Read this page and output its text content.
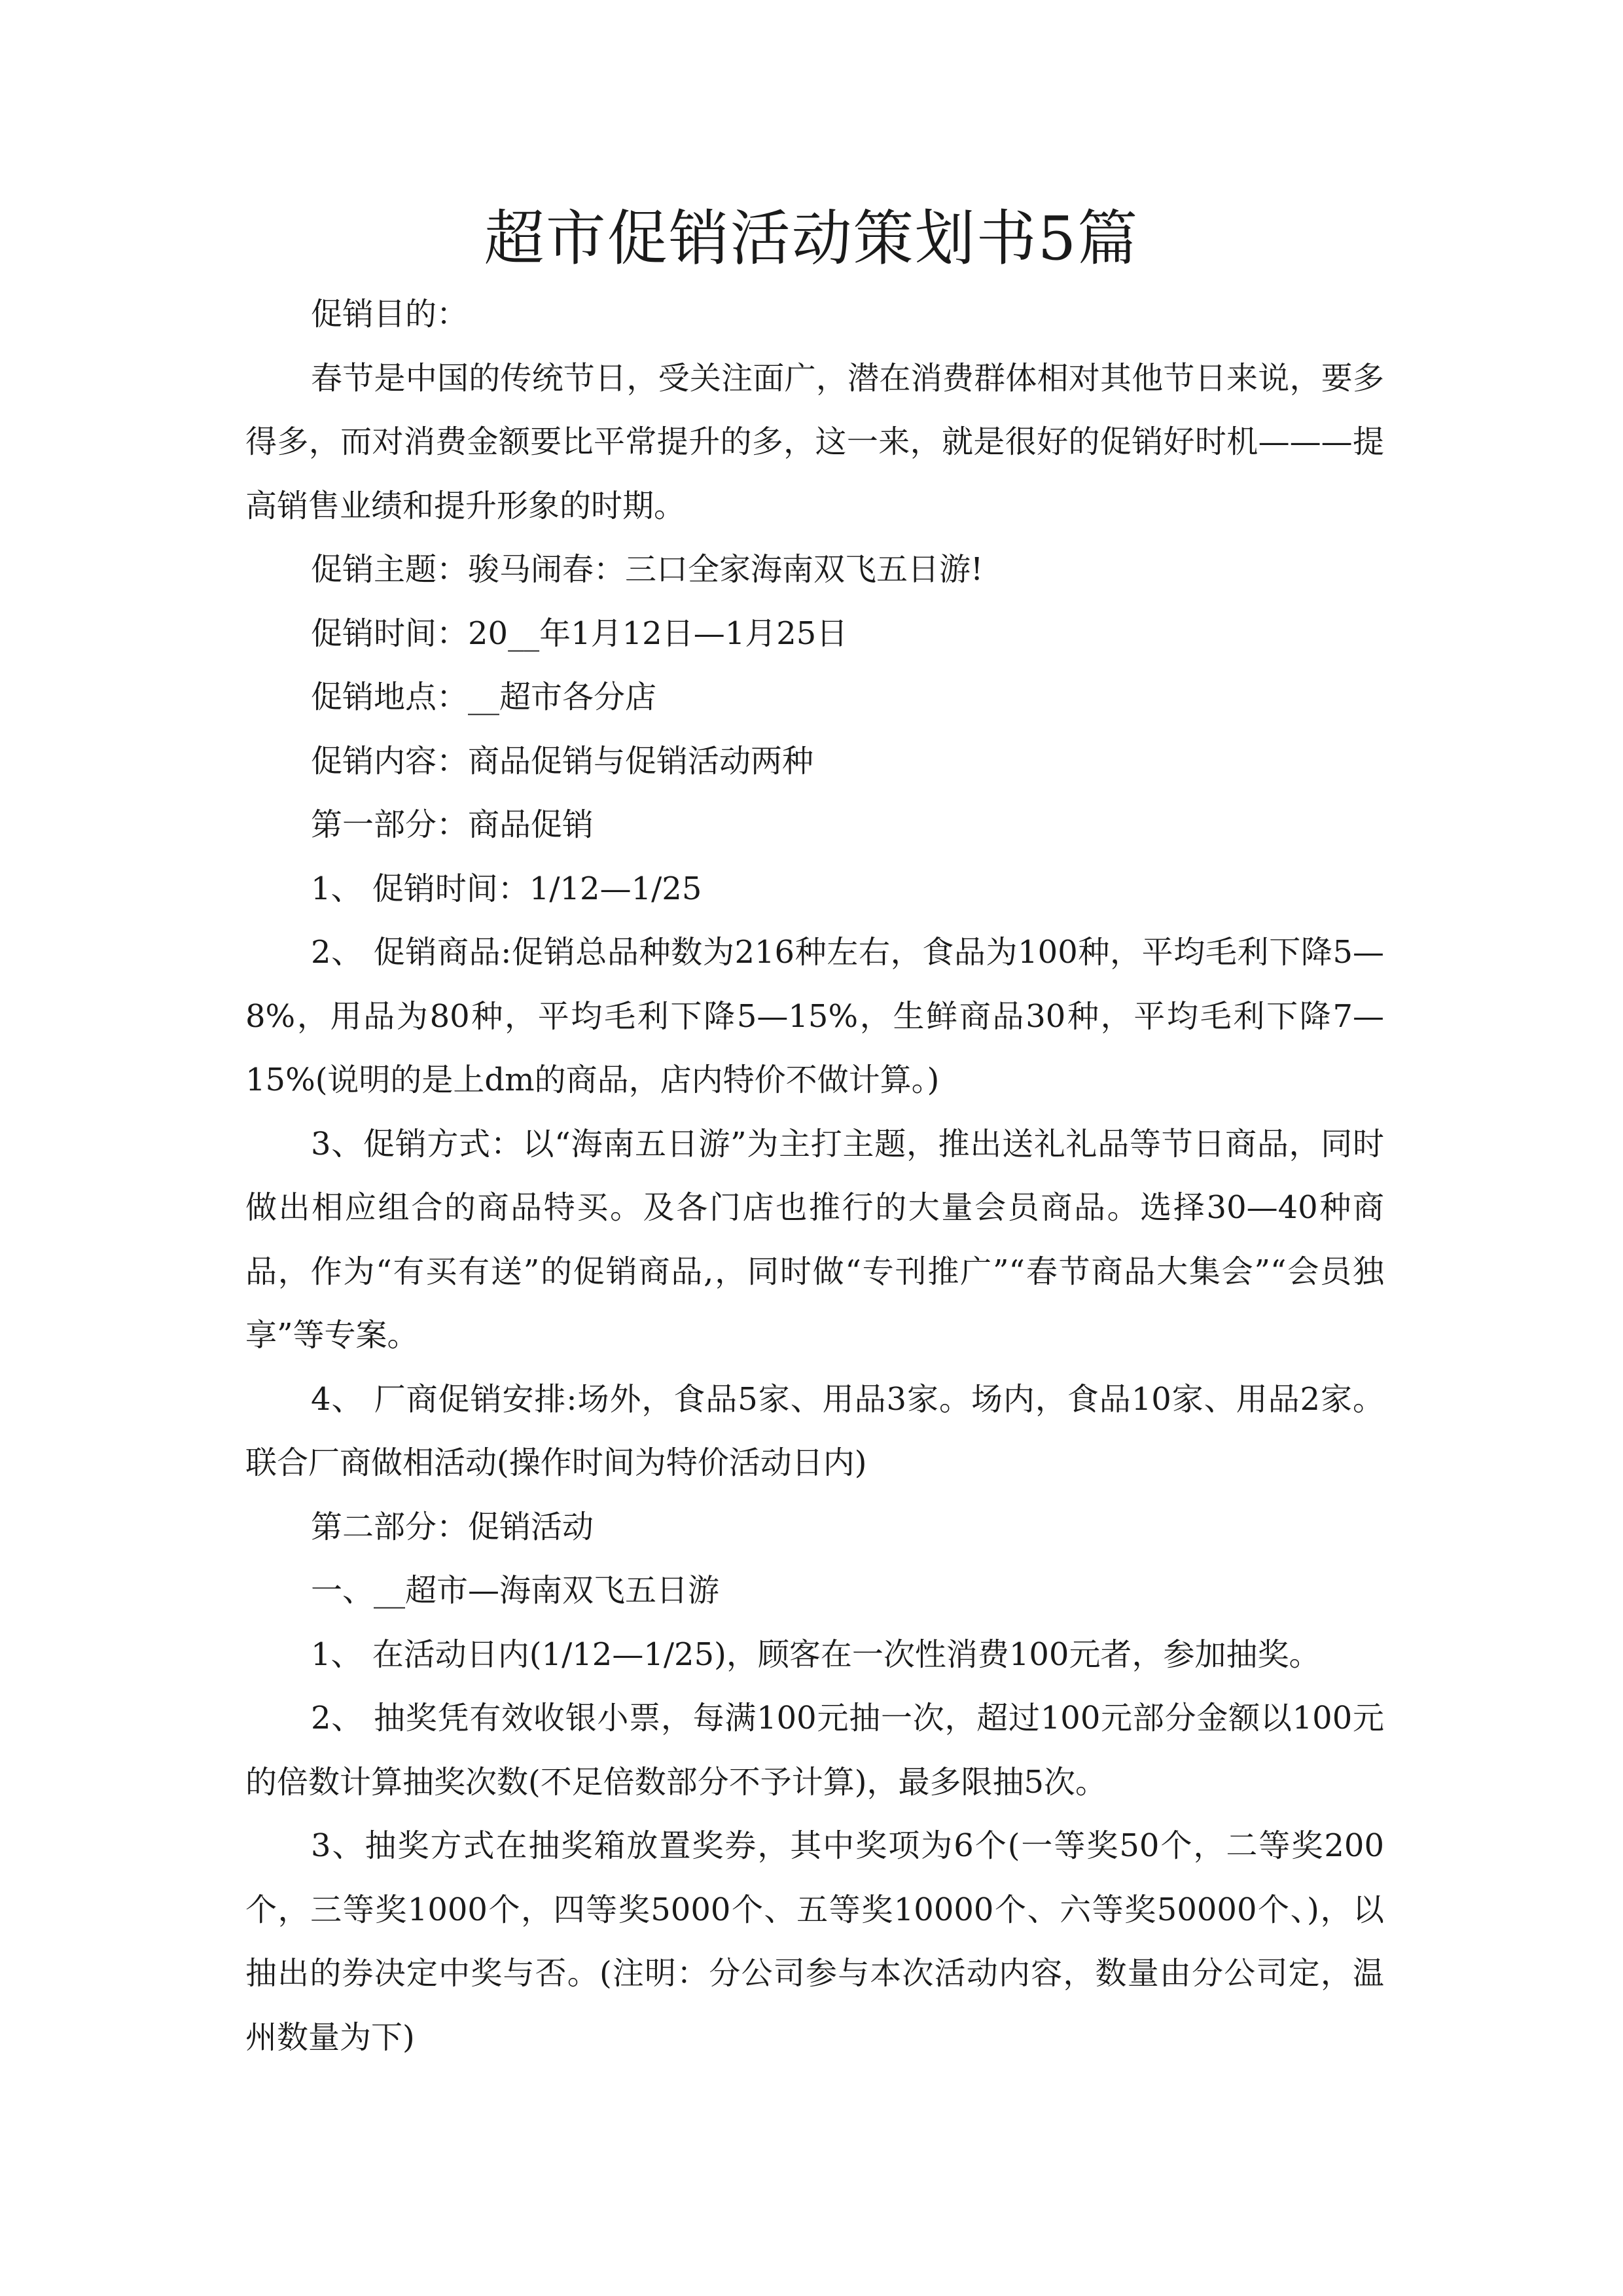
超市促销活动策划书5篇

促销目的：

春节是中国的传统节日，受关注面广，潜在消费群体相对其他节日来说，要多得多，而对消费金额要比平常提升的多，这一来，就是很好的促销好时机———提高销售业绩和提升形象的时期。

促销主题：骏马闹春：三口全家海南双飞五日游!

促销时间：20__年1月12日—1月25日

促销地点：__超市各分店

促销内容：商品促销与促销活动两种

第一部分：商品促销

1、 促销时间：1/12—1/25

2、 促销商品:促销总品种数为216种左右，食品为100种，平均毛利下降5—8%，用品为80种，平均毛利下降5—15%，生鲜商品30种，平均毛利下降7—15%(说明的是上dm的商品，店内特价不做计算。)

3、促销方式：以“海南五日游”为主打主题，推出送礼礼品等节日商品，同时做出相应组合的商品特买。及各门店也推行的大量会员商品。选择30—40种商品，作为“有买有送”的促销商品,，同时做“专刊推广”“春节商品大集会”“会员独享”等专案。

4、 厂商促销安排:场外，食品5家、用品3家。场内，食品10家、用品2家。联合厂商做相活动(操作时间为特价活动日内)

第二部分：促销活动

一、__超市—海南双飞五日游

1、 在活动日内(1/12—1/25)，顾客在一次性消费100元者，参加抽奖。

2、 抽奖凭有效收银小票，每满100元抽一次，超过100元部分金额以100元的倍数计算抽奖次数(不足倍数部分不予计算)，最多限抽5次。

3、抽奖方式在抽奖箱放置奖券，其中奖项为6个(一等奖50个，二等奖200个，三等奖1000个，四等奖5000个、五等奖10000个、六等奖50000个、)，以抽出的券决定中奖与否。(注明：分公司参与本次活动内容，数量由分公司定，温州数量为下)
